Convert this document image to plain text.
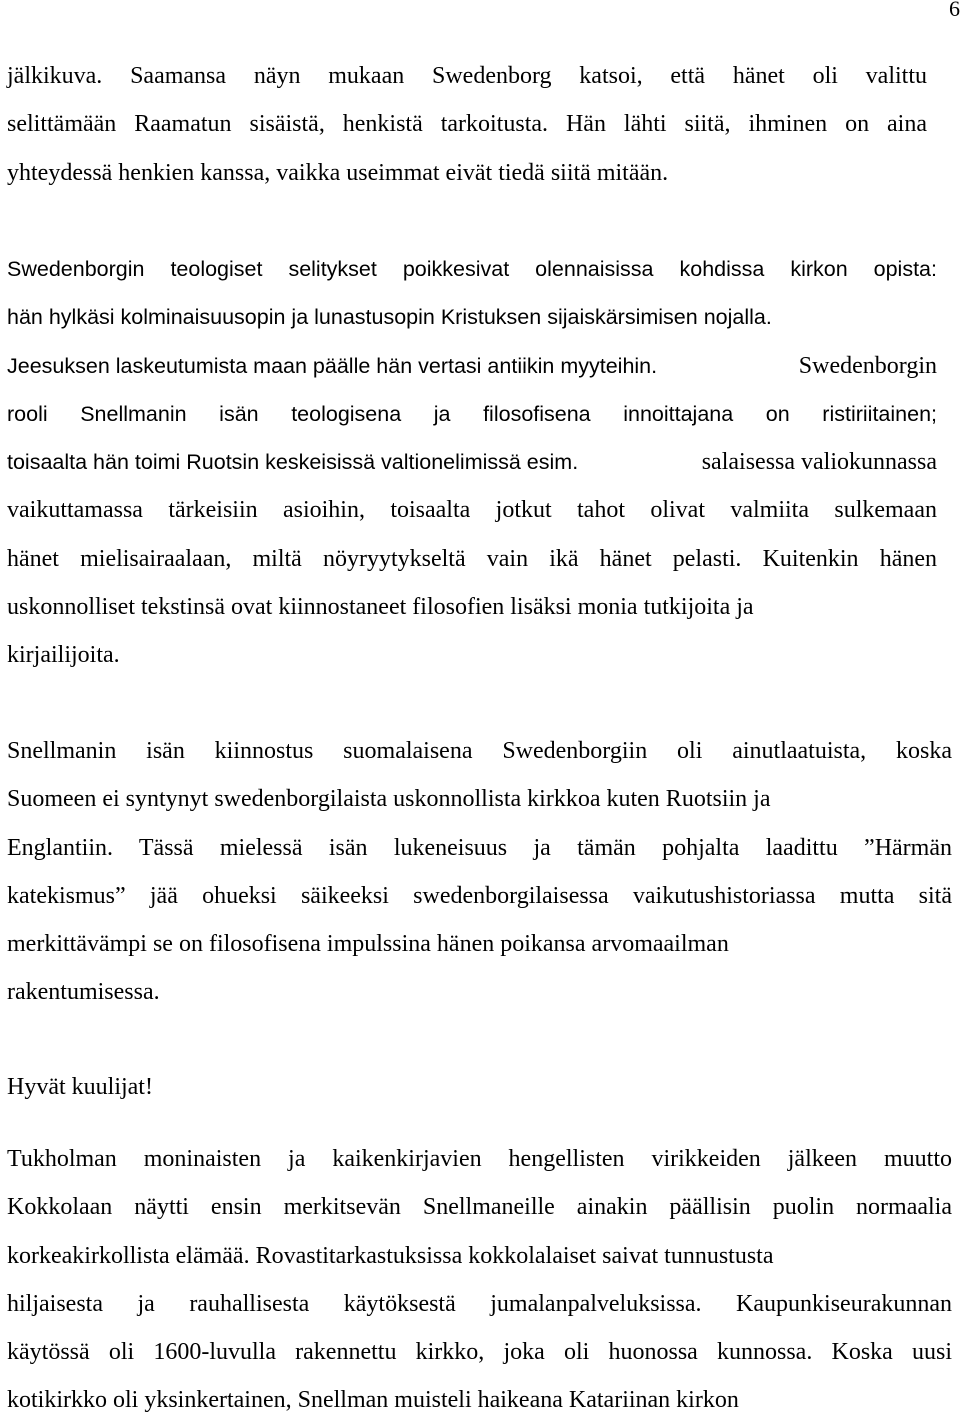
6
jälkikuva. Saamansa näyn mukaan Swedenborg katsoi, että hänet oli valittu
selittämään Raamatun sisäistä, henkistä tarkoitusta. Hän lähti siitä, ihminen on aina
yhteydessä henkien kanssa, vaikka useimmat eivät tiedä siitä mitään.
Swedenborgin teologiset selitykset poikkesivat olennaisissa kohdissa kirkon opista:
hän hylkäsi kolminaisuusopin ja lunastusopin Kristuksen sijaiskärsimisen nojalla.
Jeesuksen laskeutumista maan päälle hän vertasi antiikin myyteihin.	Swedenborgin
rooli Snellmanin isän teologisena ja filosofisena innoittajana on ristiriitainen;
toisaalta hän toimi Ruotsin keskeisissä valtionelimissä esim.	salaisessa valiokunnassa
vaikuttamassa tärkeisiin asioihin, toisaalta jotkut tahot olivat valmiita sulkemaan
hänet mielisairaalaan, miltä nöyryytykseltä vain ikä hänet pelasti. Kuitenkin hänen
uskonnolliset tekstinsä ovat kiinnostaneet filosofien lisäksi monia tutkijoita ja
kirjailijoita.
Snellmanin isän kiinnostus suomalaisena Swedenborgiin oli ainutlaatuista, koska
Suomeen ei syntynyt swedenborgilaista uskonnollista kirkkoa kuten Ruotsiin ja
Englantiin. Tässä mielessä isän lukeneisuus ja tämän pohjalta laadittu ”Härmän
katekismus” jää ohueksi säikeeksi swedenborgilaisessa vaikutushistoriassa mutta sitä
merkittävämpi se on filosofisena impulssina hänen poikansa arvomaailman
rakentumisessa.
Hyvät kuulijat!
Tukholman moninaisten ja kaikenkirjavien hengellisten virikkeiden jälkeen muutto
Kokkolaan näytti ensin merkitsevän Snellmaneille ainakin päällisin puolin normaalia
korkeakirkollista elämää. Rovastitarkastuksissa kokkolalaiset saivat tunnustusta
hiljaisesta ja rauhallisesta käytöksestä jumalanpalveluksissa. Kaupunkiseurakunnan
käytössä oli 1600-luvulla rakennettu kirkko, joka oli huonossa kunnossa. Koska uusi
kotikirkko oli yksinkertainen, Snellman muisteli haikeana Katariinan kirkon
